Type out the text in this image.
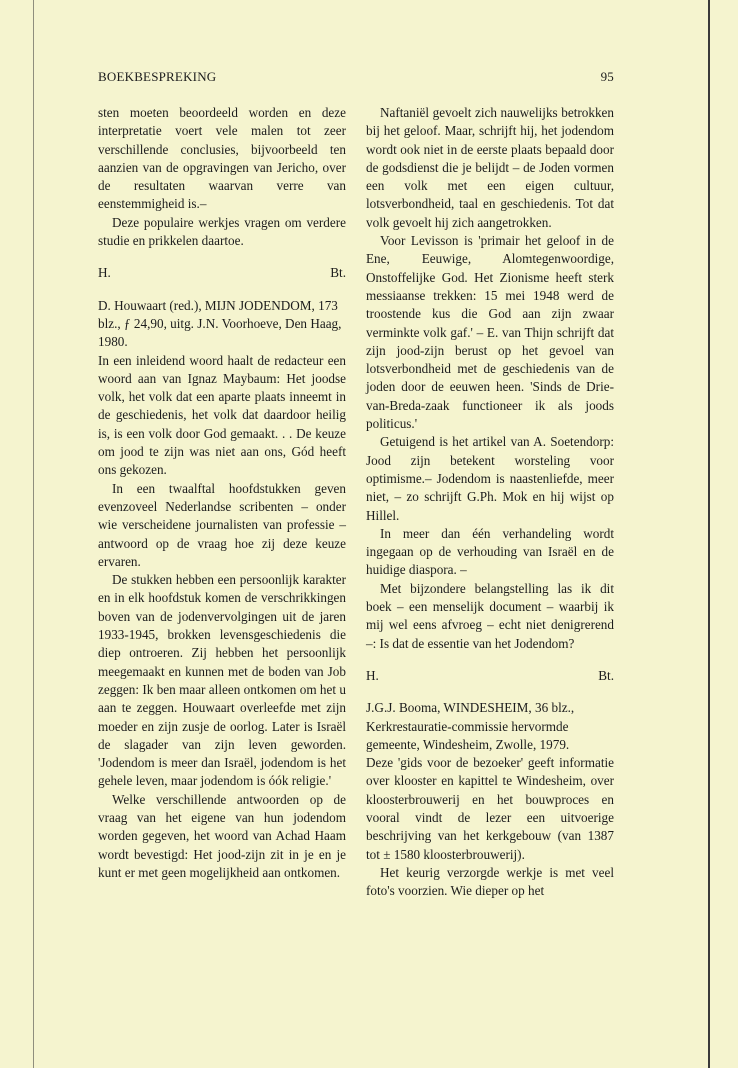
BOEKBESPREKING	95

sten moeten beoordeeld worden en deze interpretatie voert vele malen tot zeer verschillende conclusies, bijvoorbeeld ten aanzien van de opgravingen van Jericho, over de resultaten waarvan verre van eenstemmigheid is.–

Deze populaire werkjes vragen om verdere studie en prikkelen daartoe.

H.	Bt.

D. Houwaart (red.), MIJN JODENDOM, 173 blz., ƒ 24,90, uitg. J.N. Voorhoeve, Den Haag, 1980.

In een inleidend woord haalt de redacteur een woord aan van Ignaz Maybaum: Het joodse volk, het volk dat een aparte plaats inneemt in de geschiedenis, het volk dat daardoor heilig is, is een volk door God gemaakt. . . De keuze om jood te zijn was niet aan ons, Gód heeft ons gekozen.

In een twaalftal hoofdstukken geven evenzoveel Nederlandse scribenten – onder wie verscheidene journalisten van professie – antwoord op de vraag hoe zij deze keuze ervaren.

De stukken hebben een persoonlijk karakter en in elk hoofdstuk komen de verschrikkingen boven van de jodenvervolgingen uit de jaren 1933-1945, brokken levensgeschiedenis die diep ontroeren. Zij hebben het persoonlijk meegemaakt en kunnen met de boden van Job zeggen: Ik ben maar alleen ontkomen om het u aan te zeggen. Houwaart overleefde met zijn moeder en zijn zusje de oorlog. Later is Israël de slagader van zijn leven geworden. 'Jodendom is meer dan Israël, jodendom is het gehele leven, maar jodendom is óók religie.'

Welke verschillende antwoorden op de vraag van het eigene van hun jodendom worden gegeven, het woord van Achad Haam wordt bevestigd: Het jood-zijn zit in je en je kunt er met geen mogelijkheid aan ontkomen.

Naftaniël gevoelt zich nauwelijks betrokken bij het geloof. Maar, schrijft hij, het jodendom wordt ook niet in de eerste plaats bepaald door de godsdienst die je belijdt – de Joden vormen een volk met een eigen cultuur, lotsverbondheid, taal en geschiedenis. Tot dat volk gevoelt hij zich aangetrokken.

Voor Levisson is 'primair het geloof in de Ene, Eeuwige, Alomtegenwoordige, Onstoffelijke God. Het Zionisme heeft sterk messiaanse trekken: 15 mei 1948 werd de troostende kus die God aan zijn zwaar verminkte volk gaf.' – E. van Thijn schrijft dat zijn jood-zijn berust op het gevoel van lotsverbondheid met de geschiedenis van de joden door de eeuwen heen. 'Sinds de Drie-van-Breda-zaak functioneer ik als joods politicus.'

Getuigend is het artikel van A. Soetendorp: Jood zijn betekent worsteling voor optimisme.– Jodendom is naastenliefde, meer niet, – zo schrijft G.Ph. Mok en hij wijst op Hillel.

In meer dan één verhandeling wordt ingegaan op de verhouding van Israël en de huidige diaspora. –

Met bijzondere belangstelling las ik dit boek – een menselijk document – waarbij ik mij wel eens afvroeg – echt niet denigrerend –: Is dat de essentie van het Jodendom?

H.	Bt.

J.G.J. Booma, WINDESHEIM, 36 blz., Kerkrestauratie-commissie hervormde gemeente, Windesheim, Zwolle, 1979.

Deze 'gids voor de bezoeker' geeft informatie over klooster en kapittel te Windesheim, over kloosterbrouwerij en het bouwproces en vooral vindt de lezer een uitvoerige beschrijving van het kerkgebouw (van 1387 tot ± 1580 kloosterbrouwerij).

Het keurig verzorgde werkje is met veel foto's voorzien. Wie dieper op het
